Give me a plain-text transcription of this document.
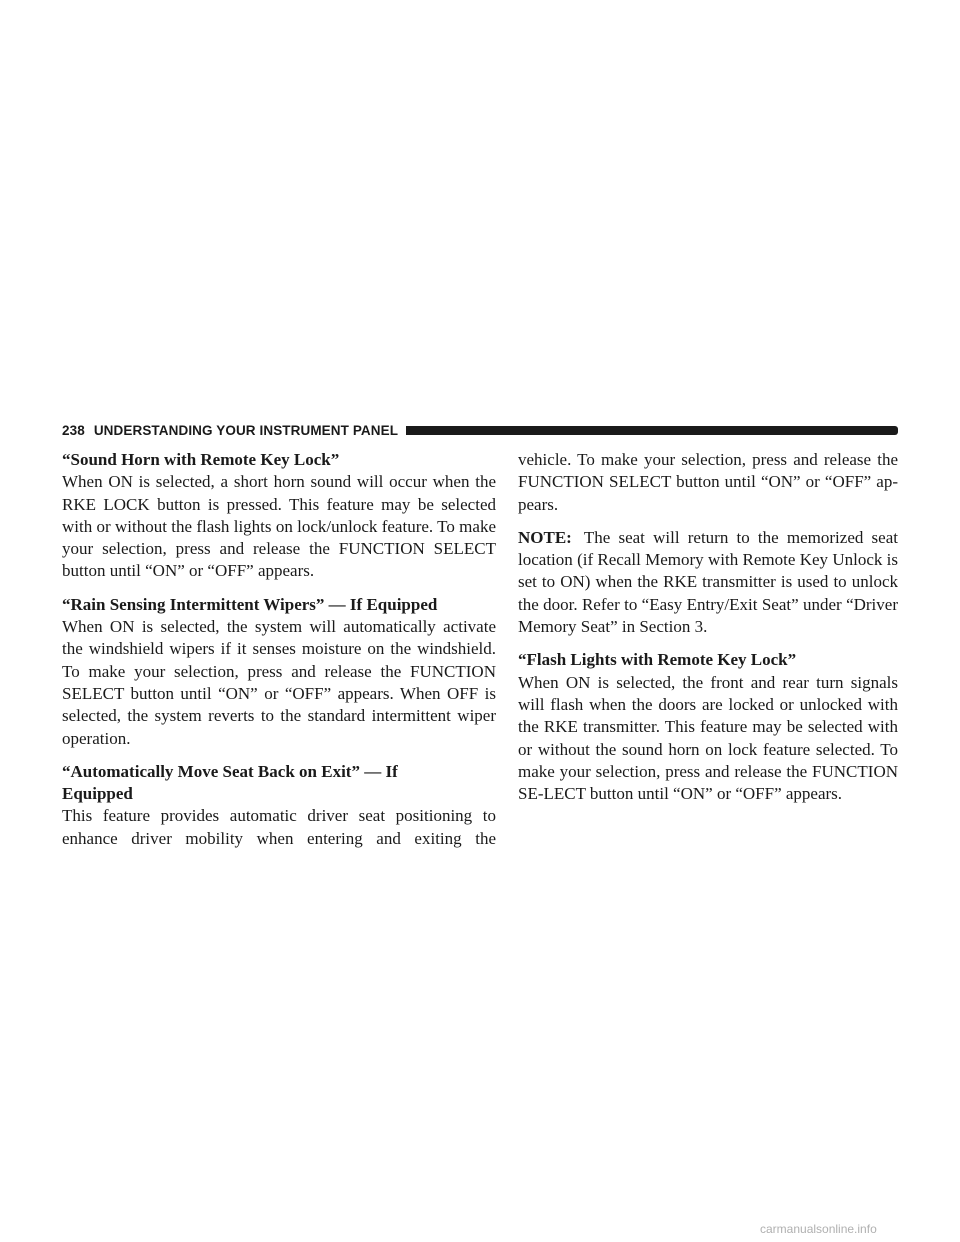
238 UNDERSTANDING YOUR INSTRUMENT PANEL
“Sound Horn with Remote Key Lock”

When ON is selected, a short horn sound will occur when the RKE LOCK button is pressed. This feature may be selected with or without the flash lights on lock/unlock feature. To make your selection, press and release the FUNCTION SELECT button until “ON” or “OFF” appears.

“Rain Sensing Intermittent Wipers” — If Equipped

When ON is selected, the system will automatically activate the windshield wipers if it senses moisture on the windshield. To make your selection, press and release the FUNCTION SELECT button until “ON” or “OFF” appears. When OFF is selected, the system reverts to the standard intermittent wiper operation.

“Automatically Move Seat Back on Exit” — If Equipped

This feature provides automatic driver seat positioning to enhance driver mobility when entering and exiting the

vehicle. To make your selection, press and release the FUNCTION SELECT button until “ON” or “OFF” ap-pears.

NOTE: The seat will return to the memorized seat location (if Recall Memory with Remote Key Unlock is set to ON) when the RKE transmitter is used to unlock the door. Refer to “Easy Entry/Exit Seat” under “Driver Memory Seat” in Section 3.

“Flash Lights with Remote Key Lock”

When ON is selected, the front and rear turn signals will flash when the doors are locked or unlocked with the RKE transmitter. This feature may be selected with or without the sound horn on lock feature selected. To make your selection, press and release the FUNCTION SE-LECT button until “ON” or “OFF” appears.

carmanualsonline.info
